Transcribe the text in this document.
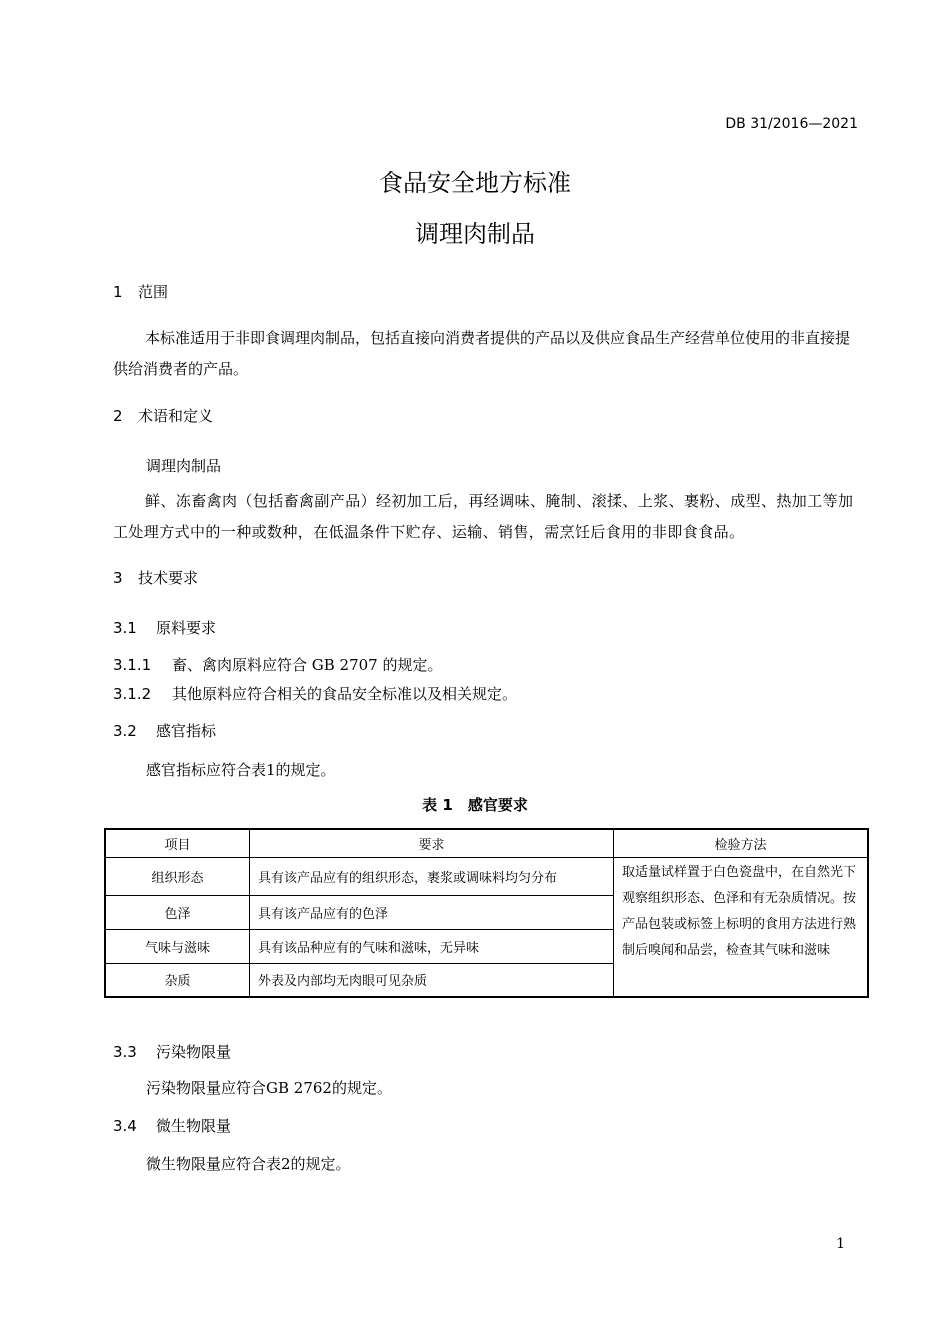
DB 31/2016—2021
食品安全地方标准
调理肉制品
1 范围
本标准适用于非即食调理肉制品，包括直接向消费者提供的产品以及供应食品生产经营单位使用的非直接提供给消费者的产品。
2 术语和定义
调理肉制品
鲜、冻畜禽肉（包括畜禽副产品）经初加工后，再经调味、腌制、滚揉、上浆、裹粉、成型、热加工等加工处理方式中的一种或数种，在低温条件下贮存、运输、销售，需烹饪后食用的非即食食品。
3 技术要求
3.1 原料要求
3.1.1 畜、禽肉原料应符合 GB 2707 的规定。
3.1.2 其他原料应符合相关的食品安全标准以及相关规定。
3.2 感官指标
感官指标应符合表1的规定。
表 1　感官要求
项目	要求	检验方法
组织形态	具有该产品应有的组织形态，裹浆或调味料均匀分布	取适量试样置于白色瓷盘中，在自然光下观察组织形态、色泽和有无杂质情况。按产品包装或标签上标明的食用方法进行熟制后嗅闻和品尝，检查其气味和滋味
色泽	具有该产品应有的色泽	
气味与滋味	具有该品种应有的气味和滋味，无异味	
杂质	外表及内部均无肉眼可见杂质	
3.3 污染物限量
污染物限量应符合GB 2762的规定。
3.4 微生物限量
微生物限量应符合表2的规定。
1
